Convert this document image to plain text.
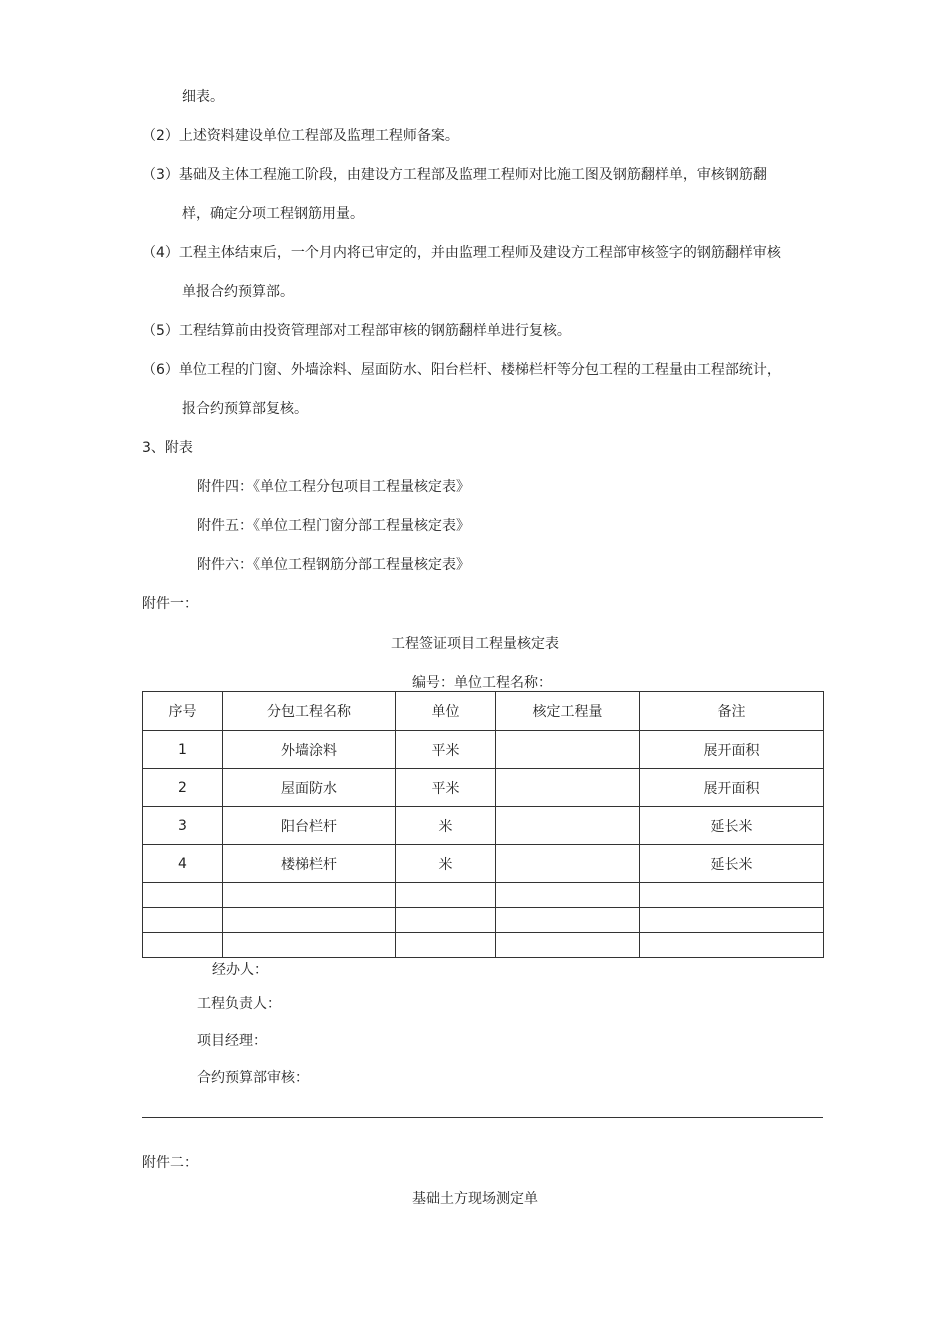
细表。
（2）上述资料建设单位工程部及监理工程师备案。
（3）基础及主体工程施工阶段，由建设方工程部及监理工程师对比施工图及钢筋翻样单，审核钢筋翻
样，确定分项工程钢筋用量。
（4）工程主体结束后，一个月内将已审定的，并由监理工程师及建设方工程部审核签字的钢筋翻样审核
单报合约预算部。
（5）工程结算前由投资管理部对工程部审核的钢筋翻样单进行复核。
（6）单位工程的门窗、外墙涂料、屋面防水、阳台栏杆、楼梯栏杆等分包工程的工程量由工程部统计，
报合约预算部复核。
3、附表
附件四：《单位工程分包项目工程量核定表》
附件五：《单位工程门窗分部工程量核定表》
附件六：《单位工程钢筋分部工程量核定表》
附件一：
工程签证项目工程量核定表
编号：单位工程名称：
序号	分包工程名称	单位	核定工程量	备注
1	外墙涂料	平米		展开面积
2	屋面防水	平米		展开面积
3	阳台栏杆	米		延长米
4	楼梯栏杆	米		延长米

经办人：
工程负责人：
项目经理：
合约预算部审核：
附件二：
基础土方现场测定单
